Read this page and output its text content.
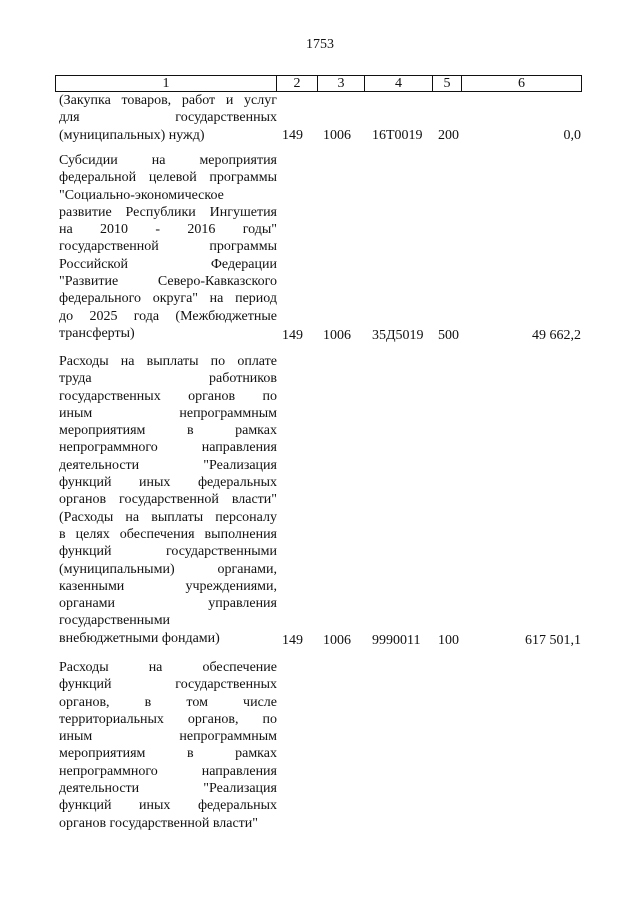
1753
1	2	3	4	5	6
(Закупка товаров, работ и услуг
для государственных
(муниципальных) нужд)	149 1006 16Т0019 200	0,0
Субсидии на мероприятия
федеральной целевой программы
"Социально-экономическое
развитие Республики Ингушетия
на 2010 - 2016 годы"
государственной программы
Российской Федерации
"Развитие Северо-Кавказского
федерального округа" на период
до 2025 года (Межбюджетные
трансферты)	149 1006 35Д5019 500	49 662,2
Расходы на выплаты по оплате
труда работников
государственных органов по
иным непрограммным
мероприятиям в рамках
непрограммного направления
деятельности "Реализация
функций иных федеральных
органов государственной власти"
(Расходы на выплаты персоналу
в целях обеспечения выполнения
функций государственными
(муниципальными) органами,
казенными учреждениями,
органами управления
государственными
внебюджетными фондами)	149 1006 9990011 100	617 501,1
Расходы на обеспечение
функций государственных
органов, в том числе
территориальных органов, по
иным непрограммным
мероприятиям в рамках
непрограммного направления
деятельности "Реализация
функций иных федеральных
органов государственной власти"
